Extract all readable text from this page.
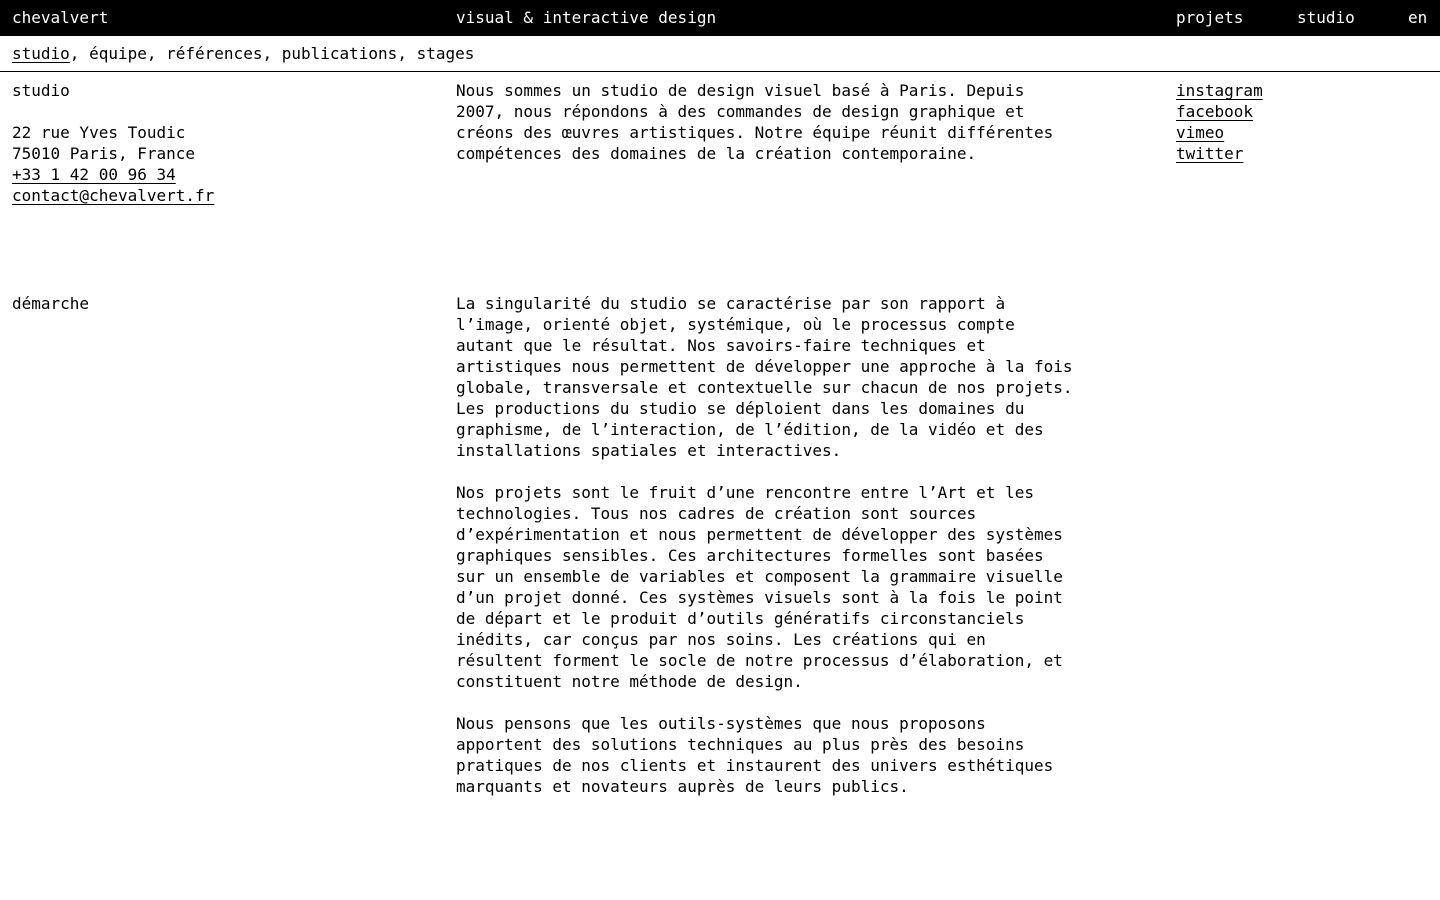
chevalvert	visual & interactive design	projets	studio	en
studio, équipe, références, publications, stages
studio
22 rue Yves Toudic
75010 Paris, France
+33 1 42 00 96 34
contact@chevalvert.fr

Nous sommes un studio de design visuel basé à Paris. Depuis 2007, nous répondons à des commandes de design graphique et créons des œuvres artistiques. Notre équipe réunit différentes compétences des domaines de la création contemporaine.

instagram
facebook
vimeo
twitter
démarche	La singularité du studio se caractérise par son rapport à l’image, orienté objet, systémique, où le processus compte autant que le résultat. Nos savoirs-faire techniques et artistiques nous permettent de développer une approche à la fois globale, transversale et contextuelle sur chacun de nos projets. Les productions du studio se déploient dans les domaines du graphisme, de l’interaction, de l’édition, de la vidéo et des installations spatiales et interactives.

Nos projets sont le fruit d’une rencontre entre l’Art et les technologies. Tous nos cadres de création sont sources d’expérimentation et nous permettent de développer des systèmes graphiques sensibles. Ces architectures formelles sont basées sur un ensemble de variables et composent la grammaire visuelle d’un projet donné. Ces systèmes visuels sont à la fois le point de départ et le produit d’outils génératifs circonstanciels inédits, car conçus par nos soins. Les créations qui en résultent forment le socle de notre processus d’élaboration, et constituent notre méthode de design.

Nous pensons que les outils-systèmes que nous proposons apportent des solutions techniques au plus près des besoins pratiques de nos clients et instaurent des univers esthétiques marquants et novateurs auprès de leurs publics.
